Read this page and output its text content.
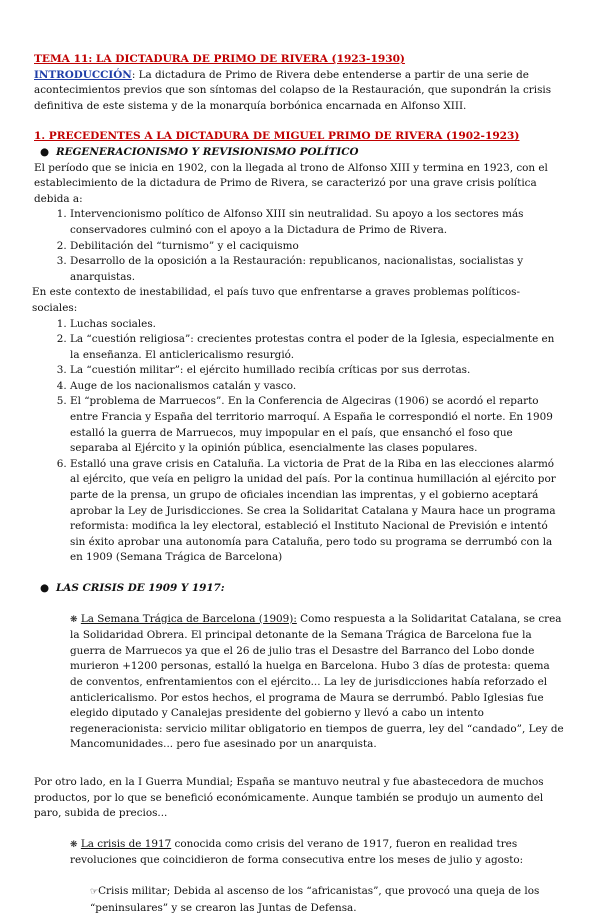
TEMA 11: LA DICTADURA DE PRIMO DE RIVERA (1923-1930)

INTRODUCCIÓN: La dictadura de Primo de Rivera debe entenderse a partir de una serie de acontecimientos previos que son síntomas del colapso de la Restauración, que supondrán la crisis definitiva de este sistema y de la monarquía borbónica encarnada en Alfonso XIII.

1. PRECEDENTES A LA DICTADURA DE MIGUEL PRIMO DE RIVERA (1902-1923)

● REGENERACIONISMO Y REVISIONISMO POLÍTICO

El período que se inicia en 1902, con la llegada al trono de Alfonso XIII y termina en 1923, con el establecimiento de la dictadura de Primo de Rivera, se caracterizó por una grave crisis política debida a:

1. Intervencionismo político de Alfonso XIII sin neutralidad. Su apoyo a los sectores más conservadores culminó con el apoyo a la Dictadura de Primo de Rivera.
2. Debilitación del “turnismo” y el caciquismo
3. Desarrollo de la oposición a la Restauración: republicanos, nacionalistas, socialistas y anarquistas.

En este contexto de inestabilidad, el país tuvo que enfrentarse a graves problemas políticos-sociales:

1. Luchas sociales.
2. La “cuestión religiosa”: crecientes protestas contra el poder de la Iglesia, especialmente en la enseñanza. El anticlericalismo resurgió.
3. La “cuestión militar”: el ejército humillado recibía críticas por sus derrotas.
4. Auge de los nacionalismos catalán y vasco.
5. El “problema de Marruecos”. En la Conferencia de Algeciras (1906) se acordó el reparto entre Francia y España del territorio marroquí. A España le correspondió el norte. En 1909 estalló la guerra de Marruecos, muy impopular en el país, que ensanchó el foso que separaba al Ejército y la opinión pública, esencialmente las clases populares.
6. Estalló una grave crisis en Cataluña. La victoria de Prat de la Riba en las elecciones alarmó al ejército, que veía en peligro la unidad del país. Por la continua humillación al ejército por parte de la prensa, un grupo de oficiales incendian las imprentas, y el gobierno aceptará aprobar la Ley de Jurisdicciones. Se crea la Solidaritat Catalana y Maura hace un programa reformista: modifica la ley electoral, estableció el Instituto Nacional de Previsión e intentó sin éxito aprobar una autonomía para Cataluña, pero todo su programa se derrumbó con la en 1909 (Semana Trágica de Barcelona)

● LAS CRISIS DE 1909 Y 1917:

❋ La Semana Trágica de Barcelona (1909): Como respuesta a la Solidaritat Catalana, se crea la Solidaridad Obrera. El principal detonante de la Semana Trágica de Barcelona fue la guerra de Marruecos ya que el 26 de julio tras el Desastre del Barranco del Lobo donde murieron +1200 personas, estalló la huelga en Barcelona. Hubo 3 días de protesta: quema de conventos, enfrentamientos con el ejército... La ley de jurisdicciones había reforzado el anticlericalismo. Por estos hechos, el programa de Maura se derrumbó. Pablo Iglesias fue elegido diputado y Canalejas presidente del gobierno y llevó a cabo un intento regeneracionista: servicio militar obligatorio en tiempos de guerra, ley del “candado”, Ley de Mancomunidades... pero fue asesinado por un anarquista.

Por otro lado, en la I Guerra Mundial; España se mantuvo neutral y fue abastecedora de muchos productos, por lo que se benefició económicamente. Aunque también se produjo un aumento del paro, subida de precios...

❋ La crisis de 1917 conocida como crisis del verano de 1917, fueron en realidad tres revoluciones que coincidieron de forma consecutiva entre los meses de julio y agosto:

☞Crisis militar; Debida al ascenso de los “africanistas”, que provocó una queja de los “peninsulares” y se crearon las Juntas de Defensa.
